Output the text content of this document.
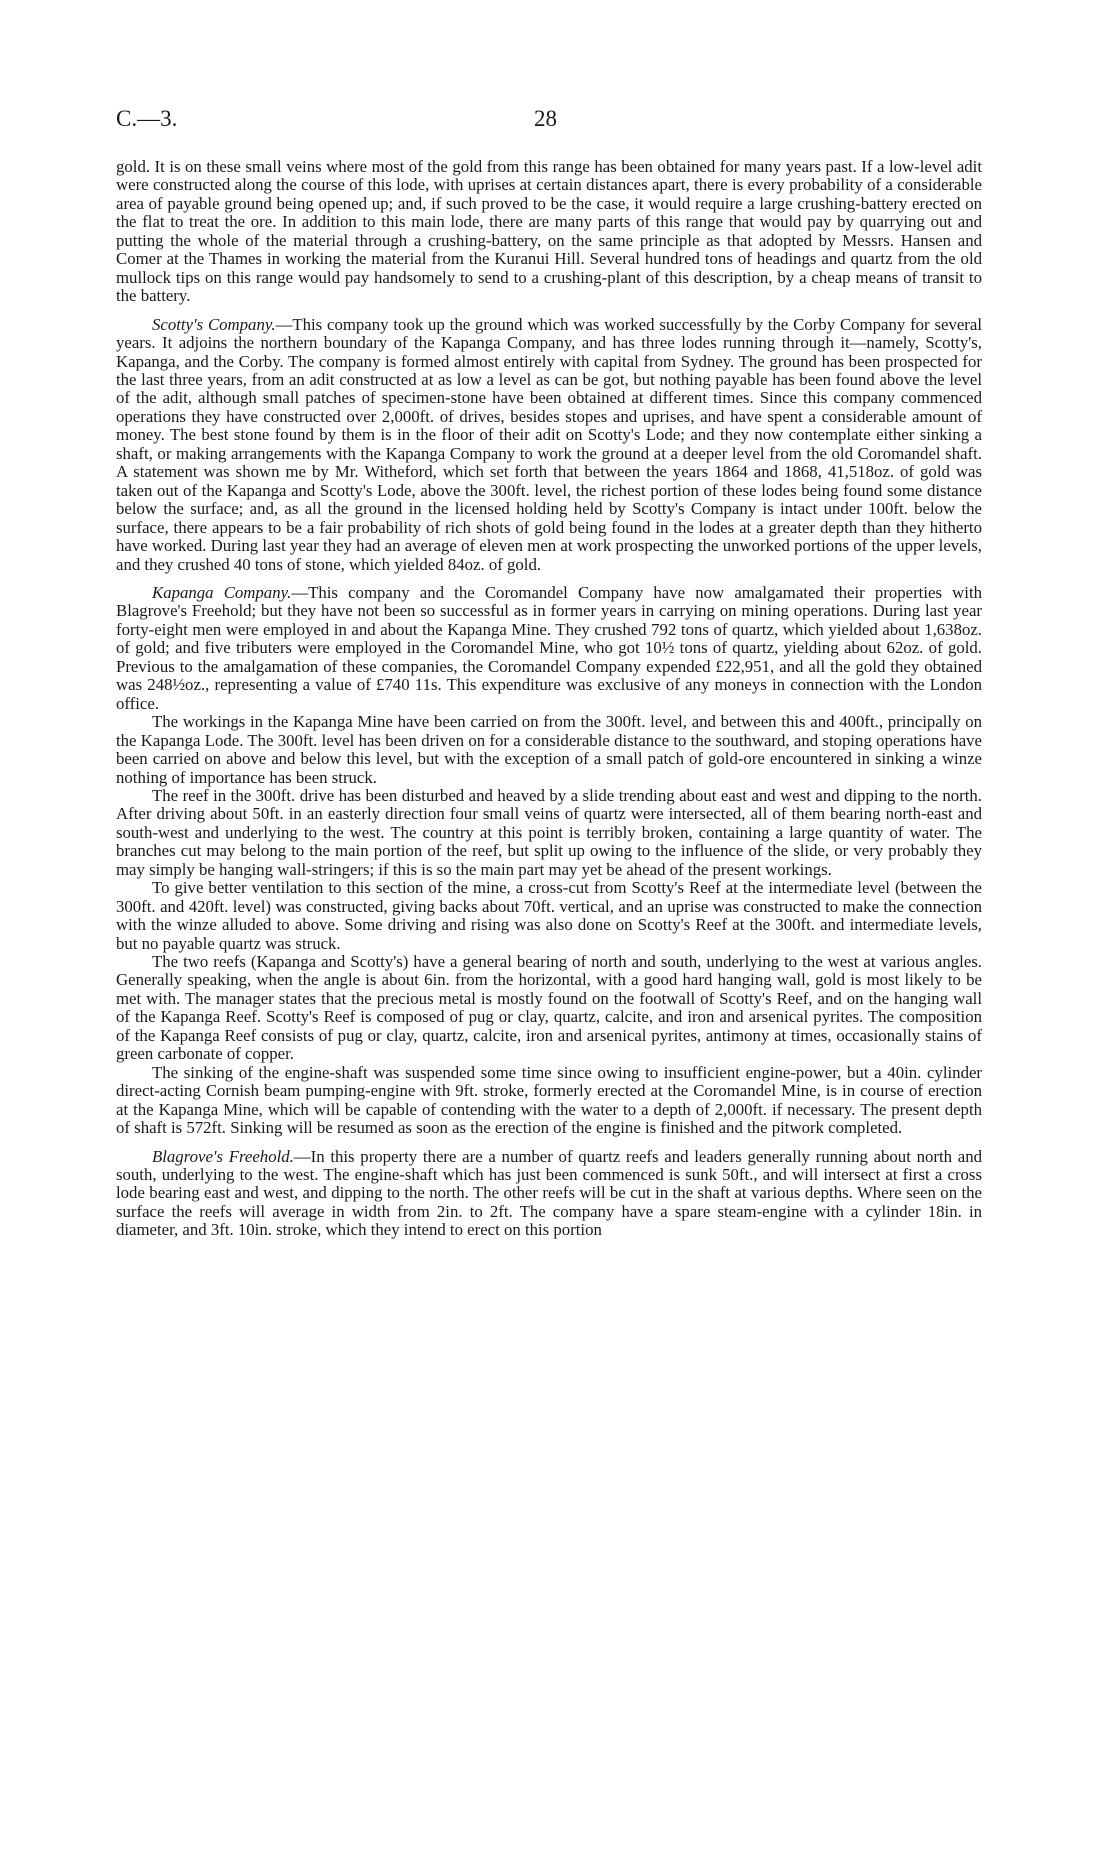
C.—3.	28

gold. It is on these small veins where most of the gold from this range has been obtained for many years past. If a low-level adit were constructed along the course of this lode, with uprises at certain distances apart, there is every probability of a considerable area of payable ground being opened up; and, if such proved to be the case, it would require a large crushing-battery erected on the flat to treat the ore. In addition to this main lode, there are many parts of this range that would pay by quarrying out and putting the whole of the material through a crushing-battery, on the same principle as that adopted by Messrs. Hansen and Comer at the Thames in working the material from the Kuranui Hill. Several hundred tons of headings and quartz from the old mullock tips on this range would pay handsomely to send to a crushing-plant of this description, by a cheap means of transit to the battery.

Scotty's Company.—This company took up the ground which was worked successfully by the Corby Company for several years. It adjoins the northern boundary of the Kapanga Company, and has three lodes running through it—namely, Scotty's, Kapanga, and the Corby. The company is formed almost entirely with capital from Sydney. The ground has been prospected for the last three years, from an adit constructed at as low a level as can be got, but nothing payable has been found above the level of the adit, although small patches of specimen-stone have been obtained at different times. Since this company commenced operations they have constructed over 2,000ft. of drives, besides stopes and uprises, and have spent a considerable amount of money. The best stone found by them is in the floor of their adit on Scotty's Lode; and they now contemplate either sinking a shaft, or making arrangements with the Kapanga Company to work the ground at a deeper level from the old Coromandel shaft. A statement was shown me by Mr. Witheford, which set forth that between the years 1864 and 1868, 41,518oz. of gold was taken out of the Kapanga and Scotty's Lode, above the 300ft. level, the richest portion of these lodes being found some distance below the surface; and, as all the ground in the licensed holding held by Scotty's Company is intact under 100ft. below the surface, there appears to be a fair probability of rich shots of gold being found in the lodes at a greater depth than they hitherto have worked. During last year they had an average of eleven men at work prospecting the unworked portions of the upper levels, and they crushed 40 tons of stone, which yielded 84oz. of gold.

Kapanga Company.—This company and the Coromandel Company have now amalgamated their properties with Blagrove's Freehold; but they have not been so successful as in former years in carrying on mining operations. During last year forty-eight men were employed in and about the Kapanga Mine. They crushed 792 tons of quartz, which yielded about 1,638oz. of gold; and five tributers were employed in the Coromandel Mine, who got 10½ tons of quartz, yielding about 62oz. of gold. Previous to the amalgamation of these companies, the Coromandel Company expended £22,951, and all the gold they obtained was 248½oz., representing a value of £740 11s. This expenditure was exclusive of any moneys in connection with the London office.

The workings in the Kapanga Mine have been carried on from the 300ft. level, and between this and 400ft., principally on the Kapanga Lode. The 300ft. level has been driven on for a considerable distance to the southward, and stoping operations have been carried on above and below this level, but with the exception of a small patch of gold-ore encountered in sinking a winze nothing of importance has been struck.

The reef in the 300ft. drive has been disturbed and heaved by a slide trending about east and west and dipping to the north. After driving about 50ft. in an easterly direction four small veins of quartz were intersected, all of them bearing north-east and south-west and underlying to the west. The country at this point is terribly broken, containing a large quantity of water. The branches cut may belong to the main portion of the reef, but split up owing to the influence of the slide, or very probably they may simply be hanging wall-stringers; if this is so the main part may yet be ahead of the present workings.

To give better ventilation to this section of the mine, a cross-cut from Scotty's Reef at the intermediate level (between the 300ft. and 420ft. level) was constructed, giving backs about 70ft. vertical, and an uprise was constructed to make the connection with the winze alluded to above. Some driving and rising was also done on Scotty's Reef at the 300ft. and intermediate levels, but no payable quartz was struck.

The two reefs (Kapanga and Scotty's) have a general bearing of north and south, underlying to the west at various angles. Generally speaking, when the angle is about 6in. from the horizontal, with a good hard hanging wall, gold is most likely to be met with. The manager states that the precious metal is mostly found on the footwall of Scotty's Reef, and on the hanging wall of the Kapanga Reef. Scotty's Reef is composed of pug or clay, quartz, calcite, and iron and arsenical pyrites. The composition of the Kapanga Reef consists of pug or clay, quartz, calcite, iron and arsenical pyrites, antimony at times, occasionally stains of green carbonate of copper.

The sinking of the engine-shaft was suspended some time since owing to insufficient engine-power, but a 40in. cylinder direct-acting Cornish beam pumping-engine with 9ft. stroke, formerly erected at the Coromandel Mine, is in course of erection at the Kapanga Mine, which will be capable of contending with the water to a depth of 2,000ft. if necessary. The present depth of shaft is 572ft. Sinking will be resumed as soon as the erection of the engine is finished and the pitwork completed.

Blagrove's Freehold.—In this property there are a number of quartz reefs and leaders generally running about north and south, underlying to the west. The engine-shaft which has just been commenced is sunk 50ft., and will intersect at first a cross lode bearing east and west, and dipping to the north. The other reefs will be cut in the shaft at various depths. Where seen on the surface the reefs will average in width from 2in. to 2ft. The company have a spare steam-engine with a cylinder 18in. in diameter, and 3ft. 10in. stroke, which they intend to erect on this portion
